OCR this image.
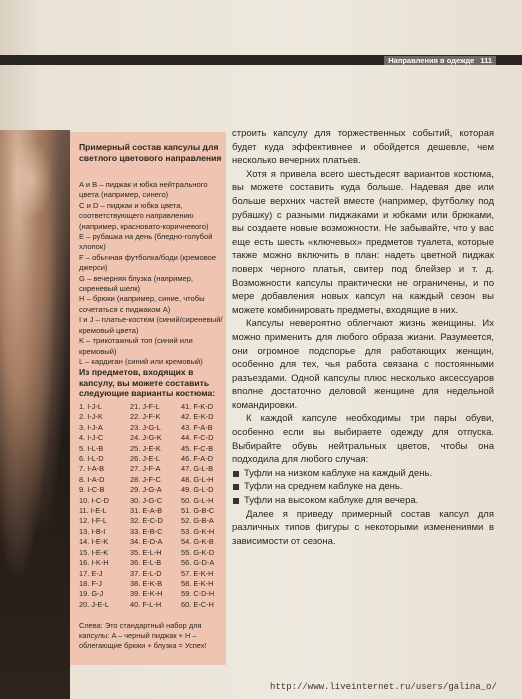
Направления в одежде 111
Примерный состав капсулы для светлого цветового направления
A и B – пиджак и юбка нейтрального цвета (например, синего)
C и D – пиджак и юбка цвета, соответствующего направлению (например, красновато-коричневого)
E – рубашка на день (бледно-голубой хлопок)
F – обычная футболка/боди (кремовое джерси)
G – вечерняя блузка (например, сиреневый шелк)
H – брюки (например, синие, чтобы сочетаться с пиджаком A)
I и J – платье-костюм (синий/сиреневый/кремовый цвета)
K – трикотажный топ (синий или кремовый)
L – кардиган (синий или кремовый)
Из предметов, входящих в капсулу, вы можете составить следующие варианты костюма:
1. I-J-L	21. J-F-L	41. F-K-D
2. I-J-K	22. J-F-K	42. E-K-D
3. I-J-A	23. J-G-L	43. F-A-B
4. I-J-C	24. J-G-K	44. F-C-D
5. I-L-B	25. J-E-K	45. F-C-B
6. I-L-D	26. J-E-L	46. F-A-D
7. I-A-B	27. J-F-A	47. G-L-B
8. I-A-D	28. J-F-C	48. G-L-H
9. I-C-B	29. J-G-A	49. G-L-D
10. I-C-D	30. J-G-C	50. G-L-H
11. I-E-L	31. E-A-B	51. G-B-C
12. I-F-L	32. E-C-D	52. G-B-A
13. I-B-I	33. E-B-C	53. G-K-H
14. I-E-K	34. E-D-A	54. G-K-B
15. I-E-K	35. E-L-H	55. G-K-D
16. I-K-H	36. E-L-B	56. G-D-A
17. E-J	37. E-L-D	57. E-K-H
18. F-J	38. E-K-B	58. E-K-H
19. G-J	39. E-K-H	59. C-D-H
20. J-E-L	40. F-L-H	60. E-C-H
Слева: Это стандартный набор для капсулы: A – черный пиджак + H – облегающие брюки + блузка = Успех!

строить капсулу для торжественных событий, которая будет куда эффективнее и обойдется дешевле, чем несколько вечерних платьев.

Хотя я привела всего шестьдесят вариантов костюма, вы можете составить куда больше. Надевая две или больше верхних частей вместе (например, футболку под рубашку) с разными пиджаками и юбками или брюками, вы создаете новые возможности. Не забывайте, что у вас еще есть шесть «ключевых» предметов туалета, которые также можно включить в план: надеть цветной пиджак поверх черного платья, свитер под блейзер и т. д. Возможности капсулы практически не ограничены, и по мере добавления новых капсул на каждый сезон вы можете комбинировать предметы, входящие в них.

Капсулы невероятно облегчают жизнь женщины. Их можно применить для любого образа жизни. Разумеется, они огромное подспорье для работающих женщин, особенно для тех, чья работа связана с постоянными разъездами. Одной капсулы плюс несколько аксессуаров вполне достаточно деловой женщине для недельной командировки.

К каждой капсуле необходимы три пары обуви, особенно если вы выбираете одежду для отпуска. Выбирайте обувь нейтральных цветов, чтобы она подходила для любого случая:

Туфли на низком каблуке на каждый день.
Туфли на среднем каблуке на день.
Туфли на высоком каблуке для вечера.

Далее я приведу примерный состав капсул для различных типов фигуры с некоторыми изменениями в зависимости от сезона.

http://www.liveinternet.ru/users/galina_o/
